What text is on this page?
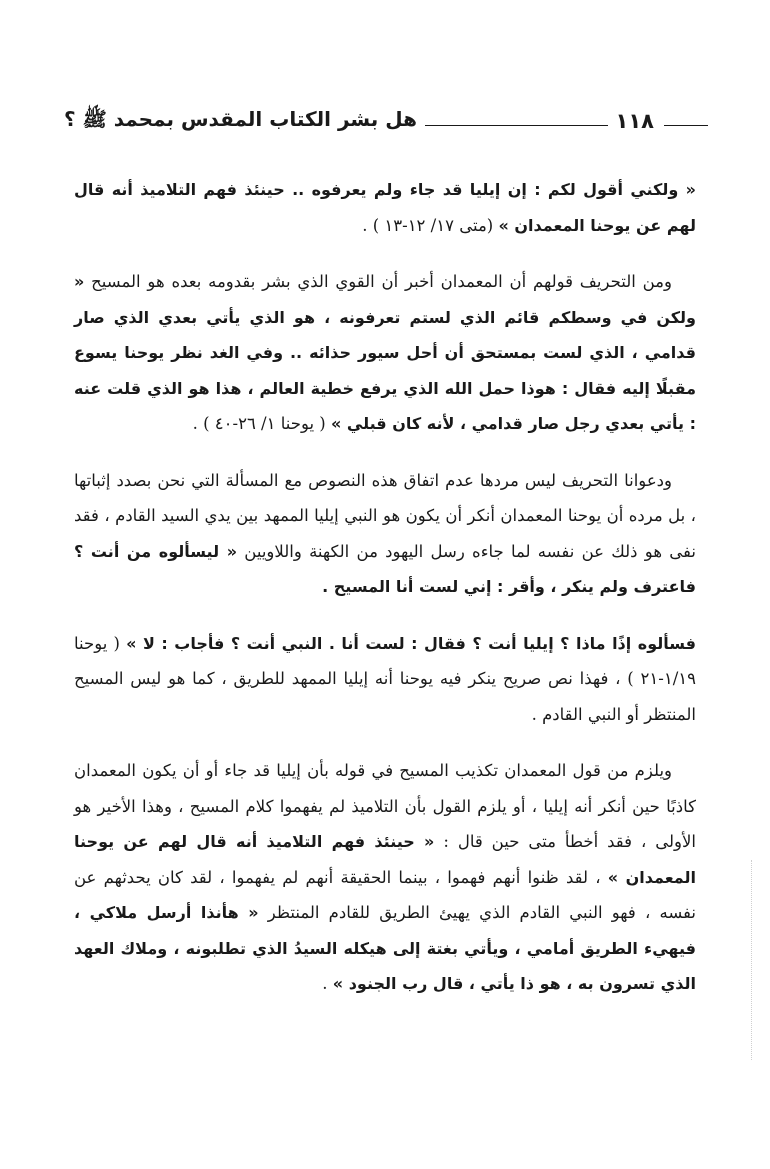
١١٨
هل بشر الكتاب المقدس بمحمد ﷺ ؟

« ولكني أقول لكم : إن إيليا قد جاء ولم يعرفوه .. حينئذ فهم التلاميذ أنه قال لهم عن يوحنا المعمدان » (متى ١٧/ ١٢-١٣ ) .

ومن التحريف قولهم أن المعمدان أخبر أن القوي الذي بشر بقدومه بعده هو المسيح « ولكن في وسطكم قائم الذي لستم تعرفونه ، هو الذي يأتي بعدي الذي صار قدامي ، الذي لست بمستحق أن أحل سيور حذائه .. وفي الغد نظر يوحنا يسوع مقبلًا إليه فقال : هوذا حمل الله الذي يرفع خطية العالم ، هذا هو الذي قلت عنه : يأتي بعدي رجل صار قدامي ، لأنه كان قبلي » ( يوحنا ١/ ٢٦-٤٠ ) .

ودعوانا التحريف ليس مردها عدم اتفاق هذه النصوص مع المسألة التي نحن بصدد إثباتها ، بل مرده أن يوحنا المعمدان أنكر أن يكون هو النبي إيليا الممهد بين يدي السيد القادم ، فقد نفى هو ذلك عن نفسه لما جاءه رسل اليهود من الكهنة واللاويين « ليسألوه من أنت ؟ فاعترف ولم ينكر ، وأقر : إني لست أنا المسيح .

فسألوه إذًا ماذا ؟ إيليا أنت ؟ فقال : لست أنا . النبي أنت ؟ فأجاب : لا » ( يوحنا ١/١٩-٢١ ) ، فهذا نص صريح ينكر فيه يوحنا أنه إيليا الممهد للطريق ، كما هو ليس المسيح المنتظر أو النبي القادم .

ويلزم من قول المعمدان تكذيب المسيح في قوله بأن إيليا قد جاء أو أن يكون المعمدان كاذبًا حين أنكر أنه إيليا ، أو يلزم القول بأن التلاميذ لم يفهموا كلام المسيح ، وهذا الأخير هو الأولى ، فقد أخطأ متى حين قال : « حينئذ فهم التلاميذ أنه قال لهم عن يوحنا المعمدان » ، لقد ظنوا أنهم فهموا ، بينما الحقيقة أنهم لم يفهموا ، لقد كان يحدثهم عن نفسه ، فهو النبي القادم الذي يهيئ الطريق للقادم المنتظر « هأنذا أرسل ملاكي ، فيهيء الطريق أمامي ، ويأتي بغتة إلى هيكله السيدُ الذي تطلبونه ، وملاك العهد الذي تسرون به ، هو ذا يأتي ، قال رب الجنود » .
